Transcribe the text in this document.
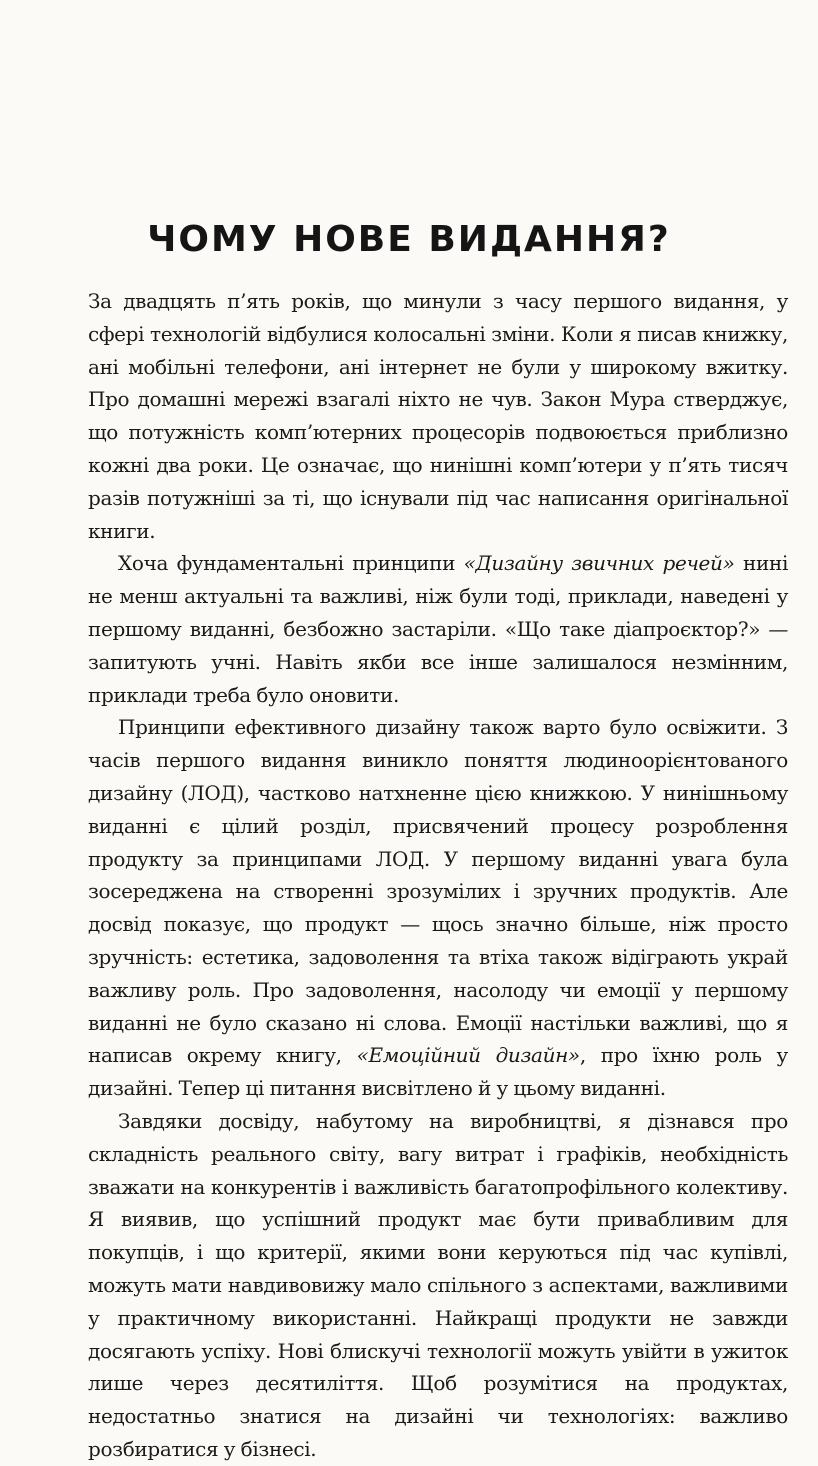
ЧОМУ НОВЕ ВИДАННЯ?

За двадцять п’ять років, що минули з часу першого видання, у сфері технологій відбулися колосальні зміни. Коли я писав книжку, ані мобільні телефони, ані інтернет не були у широкому вжитку. Про домашні мережі взагалі ніхто не чув. Закон Мура стверджує, що потужність комп’ютерних процесорів подвоюється приблизно кожні два роки. Це означає, що нинішні комп’ютери у п’ять тисяч разів потужніші за ті, що існували під час написання оригінальної книги.

Хоча фундаментальні принципи «Дизайну звичних речей» нині не менш актуальні та важливі, ніж були тоді, приклади, наведені у першому виданні, безбожно застаріли. «Що таке діапроєктор?» — запитують учні. Навіть якби все інше залишалося незмінним, приклади треба було оновити.

Принципи ефективного дизайну також варто було освіжити. З часів першого видання виникло поняття людиноорієнтованого дизайну (ЛОД), частково натхненне цією книжкою. У нинішньому виданні є цілий розділ, присвячений процесу розроблення продукту за принципами ЛОД. У першому виданні увага була зосереджена на створенні зрозумілих і зручних продуктів. Але досвід показує, що продукт — щось значно більше, ніж просто зручність: естетика, задоволення та втіха також відіграють украй важливу роль. Про задоволення, насолоду чи емоції у першому виданні не було сказано ні слова. Емоції настільки важливі, що я написав окрему книгу, «Емоційний дизайн», про їхню роль у дизайні. Тепер ці питання висвітлено й у цьому виданні.

Завдяки досвіду, набутому на виробництві, я дізнався про складність реального світу, вагу витрат і графіків, необхідність зважати на конкурентів і важливість багатопрофільного колективу. Я виявив, що успішний продукт має бути привабливим для покупців, і що критерії, якими вони керуються під час купівлі, можуть мати навдивовижу мало спільного з аспектами, важливими у практичному використанні. Найкращі продукти не завжди досягають успіху. Нові блискучі технології можуть увійти в ужиток лише через десятиліття. Щоб розумітися на продуктах, недостатньо знатися на дизайні чи технологіях: важливо розбиратися у бізнесі.
